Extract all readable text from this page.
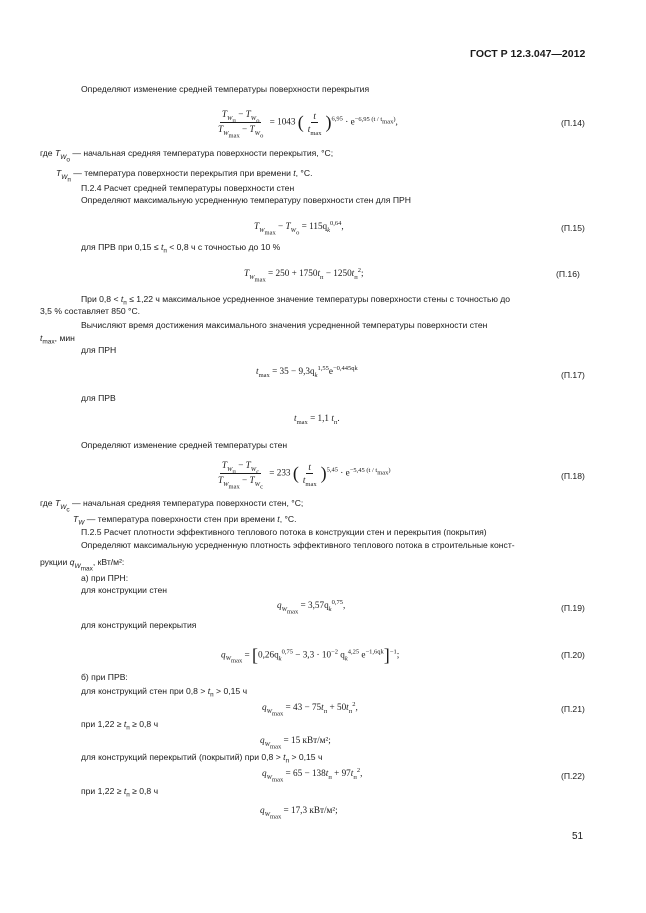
ГОСТ Р 12.3.047—2012
Определяют изменение средней температуры поверхности перекрытия
$\frac{T_{W_п} - T_{W_o}}{T_{W_{max}} - T_{W_o}} = 1043$ ( $\frac{t}{t_{max}} )^{6,95} \cdot e^{-6,95 (t / t_{max})}$,	(П.14)
где $T_{W_o}$ — начальная средняя температура поверхности перекрытия, °С;
$T_{W_п}$ — температура поверхности перекрытия при времени t, °С.
П.2.4 Расчет средней температуры поверхности стен
Определяют максимальную усредненную температуру поверхности стен для ПРН
$T_{W_{max}} - T_{W_o} = 115q_k^{0,64}$,	(П.15)
для ПРВ при $0,15 \le t_п < 0,8$ ч с точностью до 10 %
$T_{W_{max}} = 250 + 1750t_п - 1250t_п^2$;	(П.16)
При $0,8 < t_п \le 1,22$ ч максимальное усредненное значение температуры поверхности стены с точностью до
3,5 % составляет 850 °С.
Вычисляют время достижения максимального значения усредненной температуры поверхности стен
$t_{max}$, мин
для ПРН
$t_{max} = 35 - 9,3q_k^{1,55}e^{-0,445qk}$
(П.17)
для ПРВ
$t_{max} = 1,1$ $t_п$.
Определяют изменение средней температуры стен
$\frac{T_{W_п} - T_{W_с}}{T_{W_{max}} - T_{W_с}} = 233$ ( $\frac{t}{t_{max}} )^{5,45} \cdot e^{-5,45 (t / t_{max})}$
(П.18)
где $T_{W_с}$ — начальная средняя температура поверхности стен, °С;
$T_W$ — температура поверхности стен при времени t, °С.
П.2.5 Расчет плотности эффективного теплового потока в конструкции стен и перекрытия (покрытия)
Определяют максимальную усредненную плотность эффективного теплового потока в строительные конст-
рукции $q_{W_{max}}$, кВт/м²:
а) при ПРН:
для конструкции стен
$q_{W_{max}} = 3,57q_k^{0,75}$,	(П.19)
для конструкций перекрытия
$q_{W_{max}} = [0,26q_k^{0,75} - 3,3 \cdot 10^{-2}$ $q_k^{4,25}$ $e^{-1,6qk}]^{-1}$;	(П.20)
б) при ПРВ:
для конструкций стен при $0,8 > t_п > 0,15$ ч
$q_{W_{max}} = 43 - 75t_п + 50t_п^2$,	(П.21)
при $1,22 \ge t_п \ge 0,8$ ч
$q_{W_{max}} = 15$ кВт/м²;
для конструкций перекрытий (покрытий) при $0,8 > t_п > 0,15$ ч
$q_{W_{max}} = 65 - 138t_п + 97t_п^2$,	(П.22)
при $1,22 \ge t_п \ge 0,8$ ч
$q_{W_{max}} = 17,3$ кВт/м²;
51
